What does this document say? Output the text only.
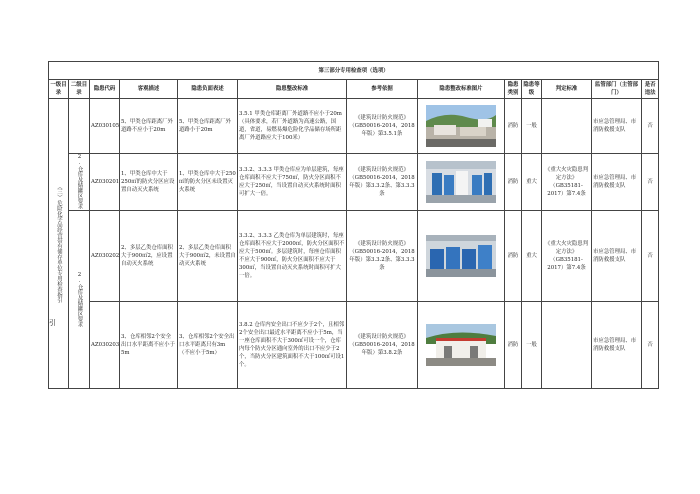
第三部分专用检查项（选项）												
一级目录	二级目录	隐患代码	客观描述	隐患负面表述	隐患整改标准	参考依据	隐患整改标准图片	隐患类别	隐患等级	判定标准	监管部门（主管部门）	是否违法

（三）危险化学品经营带有储存单位专用检查指引		AZ030105	5、甲类仓库距离厂外道路不应小于20m	5、甲类仓库距离厂外道路小于20m	3.5.1 甲类仓库距离厂外道路不应小于20m（具体要求，若厂外道路为高速公路，国道，省道，易燃易爆危险化学品储存场所距离厂外道路应大于100米）	《建筑设计防火规范》（GB50016-2014，2018年版）第3.5.1条		消防	一般		市应急管理局、市消防救援支队	否

	2.仓库及储罐区要求	AZ030201	1、甲类仓库中大于250㎡的防火分区应设置自动灭火系统	1、甲类仓库中大于250㎡的防火分区未设置灭火系统	3.3.2、3.3.3 甲类仓库应为单层建筑，每座仓库面积不应大于750㎡，防火分区面积不应大于250㎡，当设置自动灭火系统时面积可扩大一倍。	《建筑设计防火规范》（GB50016-2014，2018年版）第3.3.2条、第3.3.3条		消防	重大	《重大火灾隐患判定方法》（GB35181-2017）第7.4条	市应急管理局、市消防救援支队	否

	2.仓库及储罐区要求	AZ030202	2、多层乙类仓库面积大于900㎡2，应设置自动灭火系统	2、多层乙类仓库面积大于900㎡2，未设置自动灭火系统	3.3.2、3.3.3 乙类仓库为单层建筑时，每座仓库面积不应大于2000㎡，防火分区面积不应大于500㎡。多层建筑时，每座仓库面积不应大于900㎡，防火分区面积不应大于300㎡，当设置自动灭火系统时面积可扩大一倍。	《建筑设计防火规范》（GB50016-2014，2018年版）第3.3.2条、第3.3.3条		消防	重大	《重大火灾隐患判定方法》（GB35181-2017）第7.4条	市应急管理局、市消防救援支队	否
		AZ030203	3、仓库相邻2个安全出口水平距离不应小于5m	3、仓库相邻2个安全出口水平距离只有3m（不应小于5m）	3.8.2 仓库内安全出口不应少于2个，且相邻2个安全出口最近水平距离不应小于5m，当一座仓库面积不大于300㎡可设一个，仓库内每个防火分区通向室外的出口不应少于2个，当防火分区建筑面积不大于100㎡可设1个。	《建筑设计防火规范》（GB50016-2014，2018年版）第3.8.2条		消防	一般		市应急管理局、市消防救援支队	否
引
